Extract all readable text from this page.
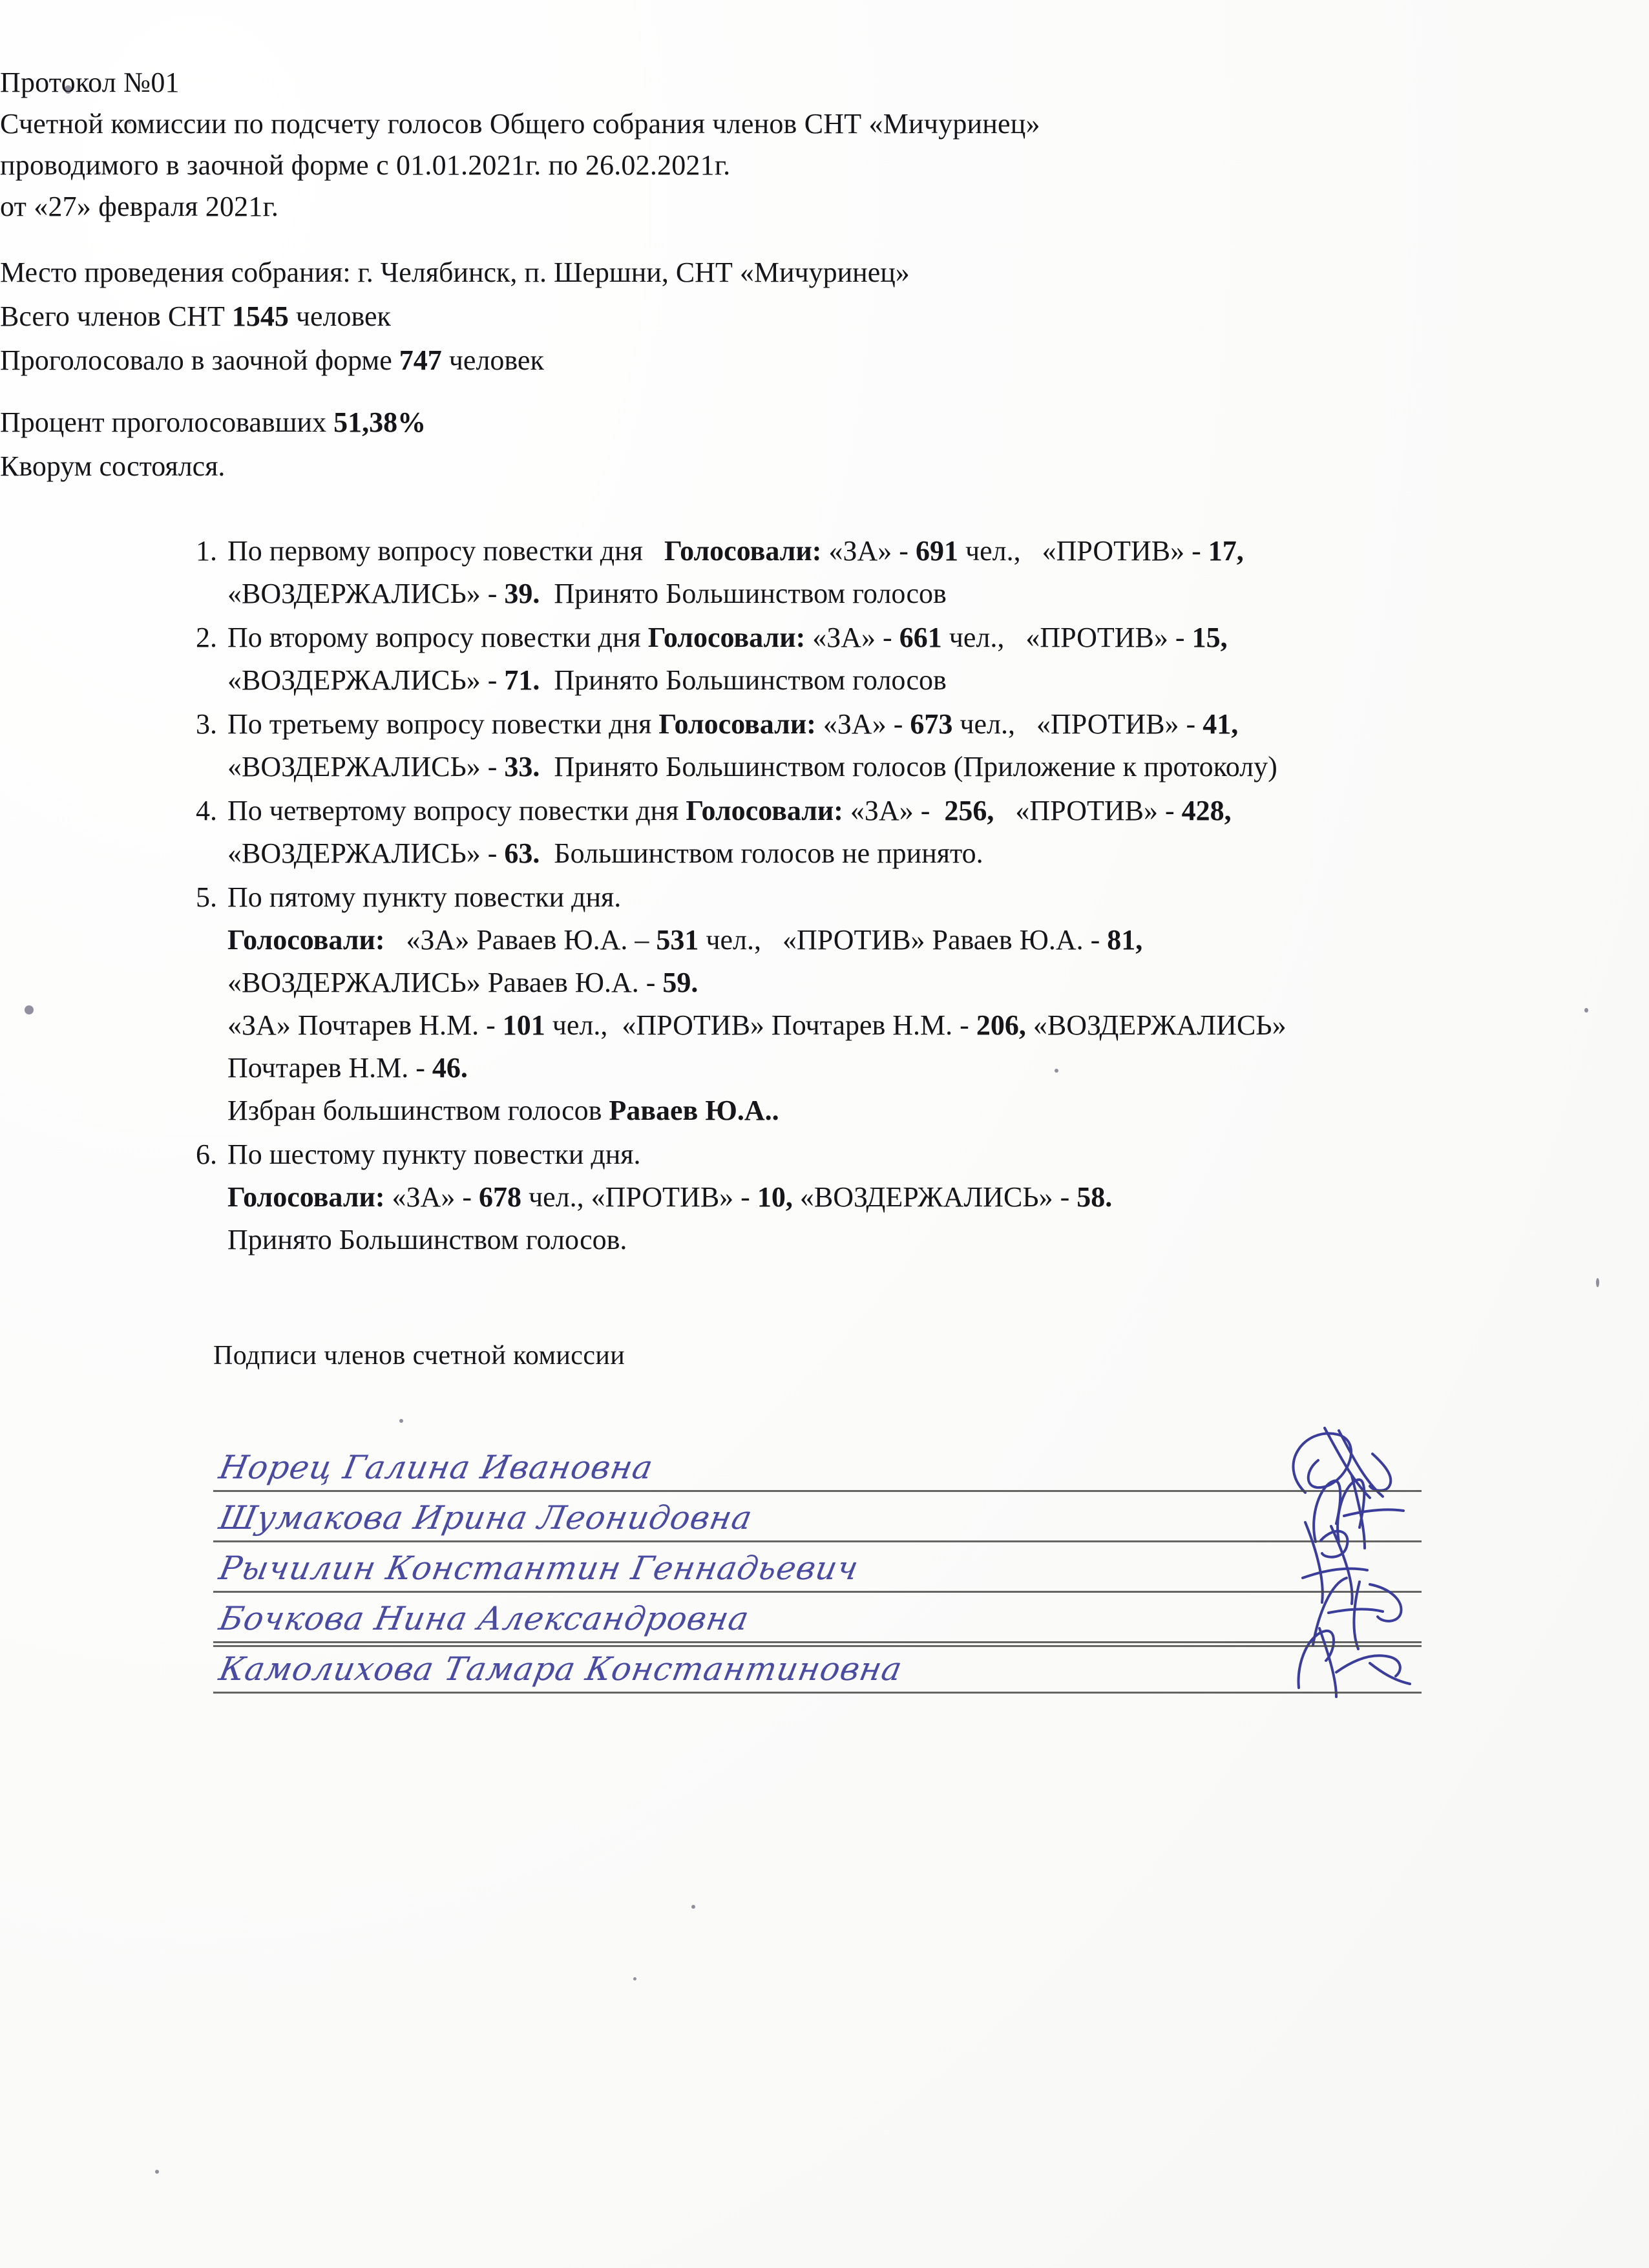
Протокол №01
Счетной комиссии по подсчету голосов Общего собрания членов СНТ «Мичуринец»
проводимого в заочной форме с 01.01.2021г. по 26.02.2021г.
от «27» февраля 2021г.
Место проведения собрания: г. Челябинск, п. Шершни, СНТ «Мичуринец»
Всего членов СНТ 1545 человек
Проголосовало в заочной форме 747 человек
Процент проголосовавших 51,38%
Кворум состоялся.
1. По первому вопросу повестки дня Голосовали: «ЗА» - 691 чел., «ПРОТИВ» - 17,
«ВОЗДЕРЖАЛИСЬ» - 39. Принято Большинством голосов
2. По второму вопросу повестки дня Голосовали: «ЗА» - 661 чел., «ПРОТИВ» - 15,
«ВОЗДЕРЖАЛИСЬ» - 71. Принято Большинством голосов
3. По третьему вопросу повестки дня Голосовали: «ЗА» - 673 чел., «ПРОТИВ» - 41,
«ВОЗДЕРЖАЛИСЬ» - 33. Принято Большинством голосов (Приложение к протоколу)
4. По четвертому вопросу повестки дня Голосовали: «ЗА» - 256, «ПРОТИВ» - 428,
«ВОЗДЕРЖАЛИСЬ» - 63. Большинством голосов не принято.
5. По пятому пункту повестки дня.
Голосовали: «ЗА» Раваев Ю.А. – 531 чел., «ПРОТИВ» Раваев Ю.А. - 81,
«ВОЗДЕРЖАЛИСЬ» Раваев Ю.А. - 59.
«ЗА» Почтарев Н.М. - 101 чел., «ПРОТИВ» Почтарев Н.М. - 206, «ВОЗДЕРЖАЛИСЬ»
Почтарев Н.М. - 46.
Избран большинством голосов Раваев Ю.А..
6. По шестому пункту повестки дня.
Голосовали: «ЗА» - 678 чел., «ПРОТИВ» - 10, «ВОЗДЕРЖАЛИСЬ» - 58.
Принято Большинством голосов.
Подписи членов счетной комиссии
Норец Галина Ивановна
Шумакова Ирина Леонидовна
Рычилин Константин Геннадьевич
Бочкова Нина Александровна
Камолихова Тамара Константиновна
